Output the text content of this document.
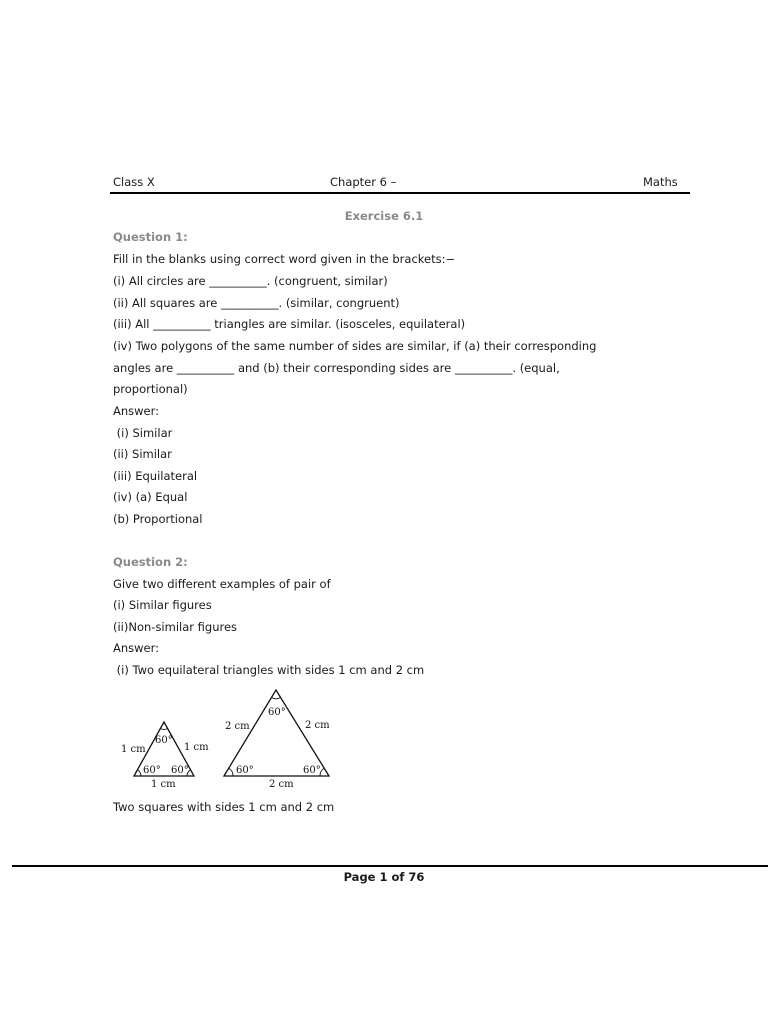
Class X	Chapter 6 –	Maths
Exercise 6.1
Question 1:
Fill in the blanks using correct word given in the brackets:−
(i) All circles are __________. (congruent, similar)
(ii) All squares are __________. (similar, congruent)
(iii) All __________ triangles are similar. (isosceles, equilateral)
(iv) Two polygons of the same number of sides are similar, if (a) their corresponding
angles are __________ and (b) their corresponding sides are __________. (equal,
proportional)
Answer:
(i) Similar
(ii) Similar
(iii) Equilateral
(iv) (a) Equal
(b) Proportional
Question 2:
Give two different examples of pair of
(i) Similar figures
(ii)Non-similar figures
Answer:
(i) Two equilateral triangles with sides 1 cm and 2 cm
60°
60° 60°
1 cm	1 cm
1 cm
60°
60°	60°
2 cm	2 cm
2 cm
Two squares with sides 1 cm and 2 cm
Page 1 of 76
